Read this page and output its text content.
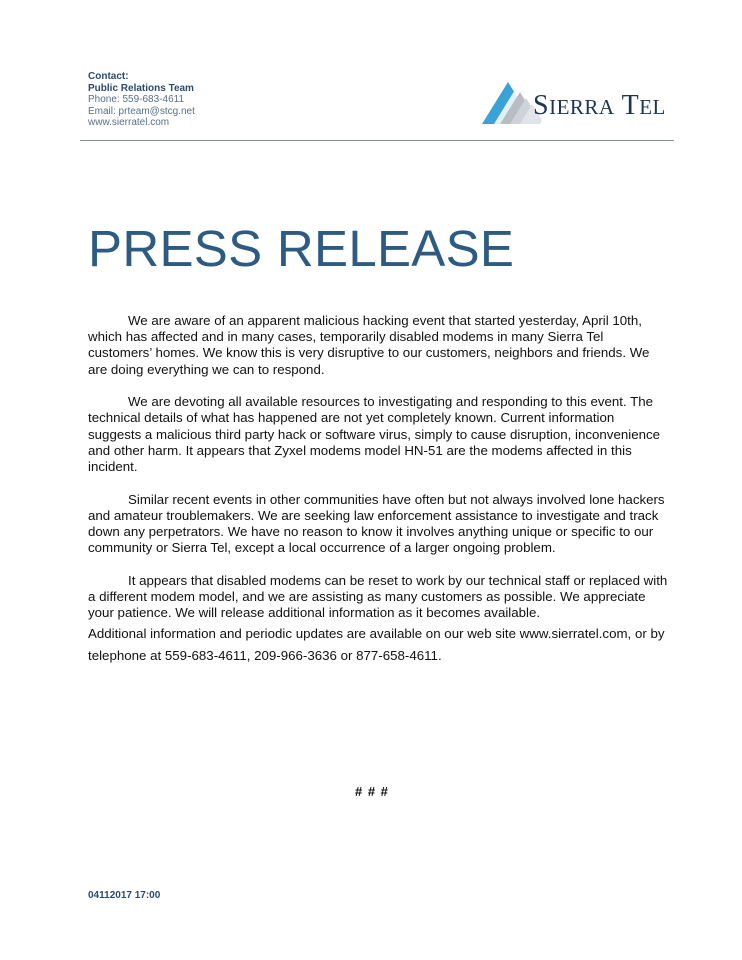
Contact:
Public Relations Team
Phone: 559-683-4611
Email: prteam@stcg.net
www.sierratel.com
SIERRA TEL
PRESS RELEASE

We are aware of an apparent malicious hacking event that started yesterday, April 10th, which has affected and in many cases, temporarily disabled modems in many Sierra Tel customers’ homes. We know this is very disruptive to our customers, neighbors and friends. We are doing everything we can to respond.

We are devoting all available resources to investigating and responding to this event. The technical details of what has happened are not yet completely known. Current information suggests a malicious third party hack or software virus, simply to cause disruption, inconvenience and other harm. It appears that Zyxel modems model HN-51 are the modems affected in this incident.

Similar recent events in other communities have often but not always involved lone hackers and amateur troublemakers. We are seeking law enforcement assistance to investigate and track down any perpetrators. We have no reason to know it involves anything unique or specific to our community or Sierra Tel, except a local occurrence of a larger ongoing problem.

It appears that disabled modems can be reset to work by our technical staff or replaced with a different modem model, and we are assisting as many customers as possible. We appreciate your patience. We will release additional information as it becomes available.

Additional information and periodic updates are available on our web site www.sierratel.com, or by telephone at 559-683-4611, 209-966-3636 or 877-658-4611.
# # #
04112017 17:00
